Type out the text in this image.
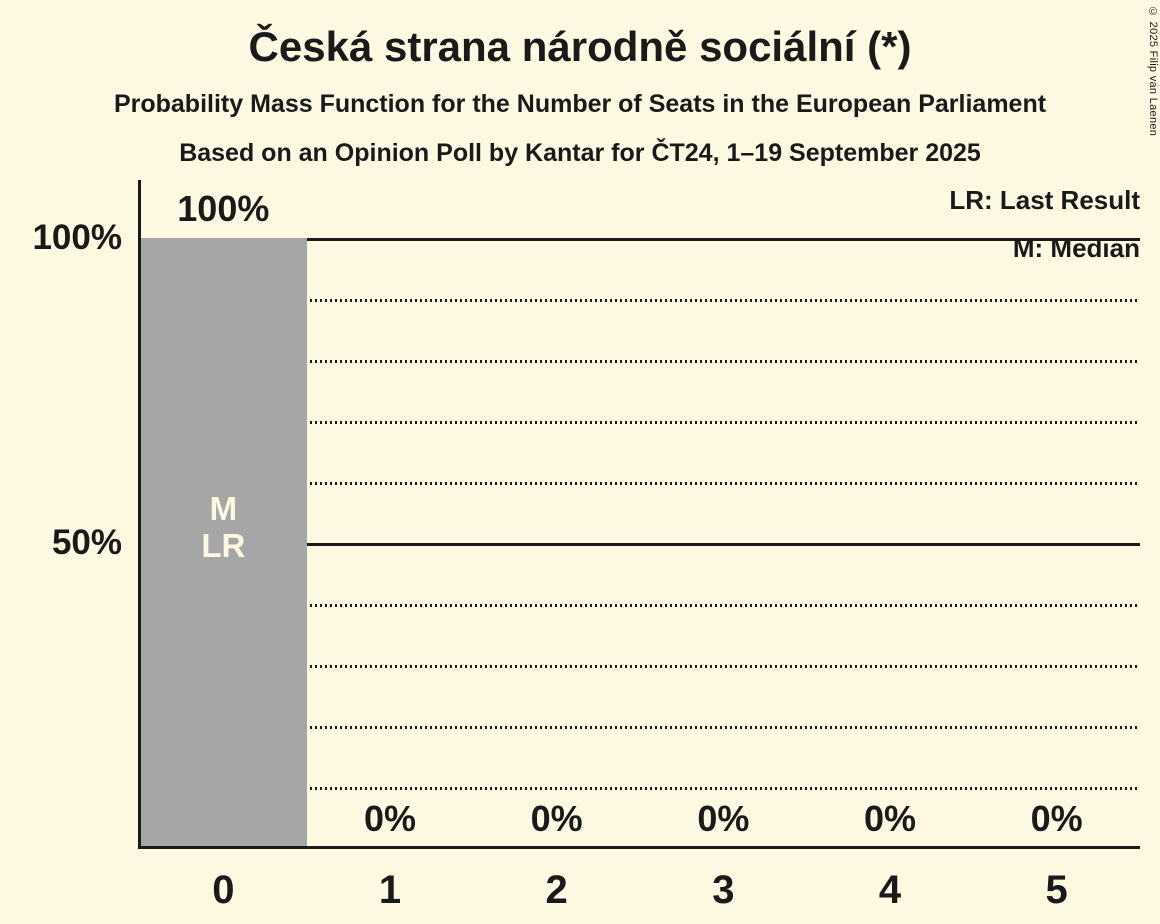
© 2025 Filip van Laenen
Česká strana národně sociální (*)
Probability Mass Function for the Number of Seats in the European Parliament
Based on an Opinion Poll by Kantar for ČT24, 1–19 September 2025
LR: Last Result
M: Median
100%
50%
100%
0%	0%	0%	0%	0%
M
LR
0	1	2	3	4	5
